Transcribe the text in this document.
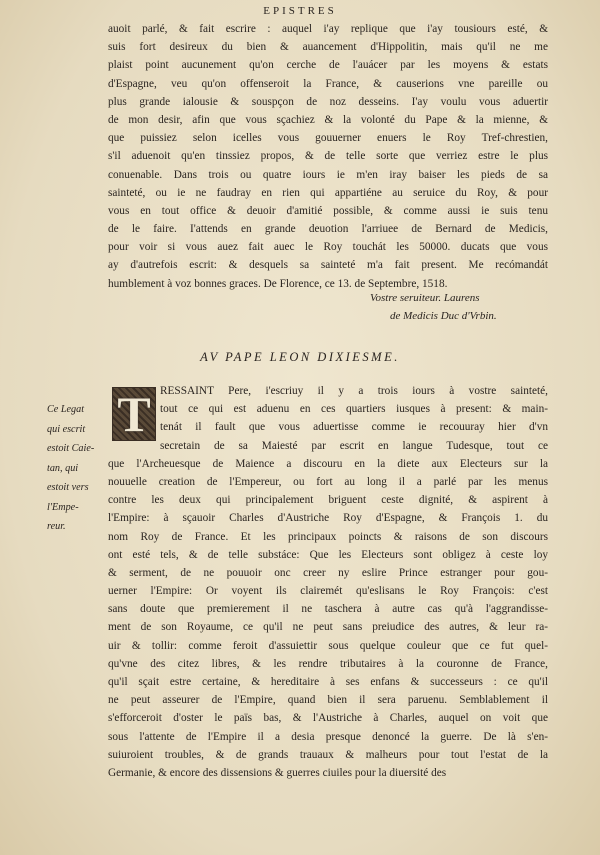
EPISTRES
auoit parlé, & fait escrire : auquel i'ay replique que i'ay tousiours esté, &
suis fort desireux du bien & auancement d'Hippolitin, mais qu'il ne me
plaist point aucunement qu'on cerche de l'auácer par les moyens & estats
d'Espagne, veu qu'on offenseroit la France, & causerions vne pareille ou
plus grande ialousie & souspçon de noz desseins. I'ay voulu vous aduertir
de mon desir, afin que vous sçachiez & la volonté du Pape & la mienne, &
que puissiez selon icelles vous gouuerner enuers le Roy Tref-chrestien,
s'il aduenoit qu'en tinssiez propos, & de telle sorte que verriez estre le plus
conuenable. Dans trois ou quatre iours ie m'en iray baiser les pieds de sa
sainteté, ou ie ne faudray en rien qui appartiéne au seruice du Roy, & pour
vous en tout office & deuoir d'amitié possible, & comme aussi ie suis tenu
de le faire. I'attends en grande deuotion l'arriuee de Bernard de Medicis,
pour voir si vous auez fait auec le Roy touchát les 50000. ducats que vous
ay d'autrefois escrit: & desquels sa sainteté m'a fait present. Me recómandát
humblement à voz bonnes graces. De Florence, ce 13. de Septembre, 1518.
Vostre seruiteur. Laurens
de Medicis Duc d'Vrbin.
AV PAPE LEON DIXIESME.
Ce Legat
qui escrit
estoit Caie-
tan, qui
estoit vers
l'Empe-
reur.
T RESSAINT Pere, i'escriuy il y a trois iours à vostre sainteté,
tout ce qui est aduenu en ces quartiers iusques à present: & main-
tenát il fault que vous aduertisse comme ie recouuray hier d'vn
secretain de sa Maiesté par escrit en langue Tudesque, tout ce
que l'Archeuesque de Maience a discouru en la diete aux Electeurs sur la
nouuelle creation de l'Empereur, ou fort au long il a parlé par les menus
contre les deux qui principalement briguent ceste dignité, & aspirent à
l'Empire: à sçauoir Charles d'Austriche Roy d'Espagne, & François 1. du
nom Roy de France. Et les principaux poincts & raisons de son discours
ont esté tels, & de telle substáce: Que les Electeurs sont obligez à ceste loy
& serment, de ne pouuoir onc creer ny eslire Prince estranger pour gou-
uerner l'Empire: Or voyent ils clairemét qu'eslisans le Roy François: c'est
sans doute que premierement il ne taschera à autre cas qu'à l'aggrandisse-
ment de son Royaume, ce qu'il ne peut sans preiudice des autres, & leur ra-
uir & tollir: comme feroit d'assuiettir sous quelque couleur que ce fut quel-
qu'vne des citez libres, & les rendre tributaires à la couronne de France,
qu'il sçait estre certaine, & hereditaire à ses enfans & successeurs : ce qu'il
ne peut asseurer de l'Empire, quand bien il sera paruenu. Semblablement il
s'efforceroit d'oster le païs bas, & l'Austriche à Charles, auquel on voit que
sous l'attente de l'Empire il a desia presque denoncé la guerre. De là s'en-
suiuroient troubles, & de grands trauaux & malheurs pour tout l'estat de la
Germanie, & encore des dissensions & guerres ciuiles pour la diuersité des
